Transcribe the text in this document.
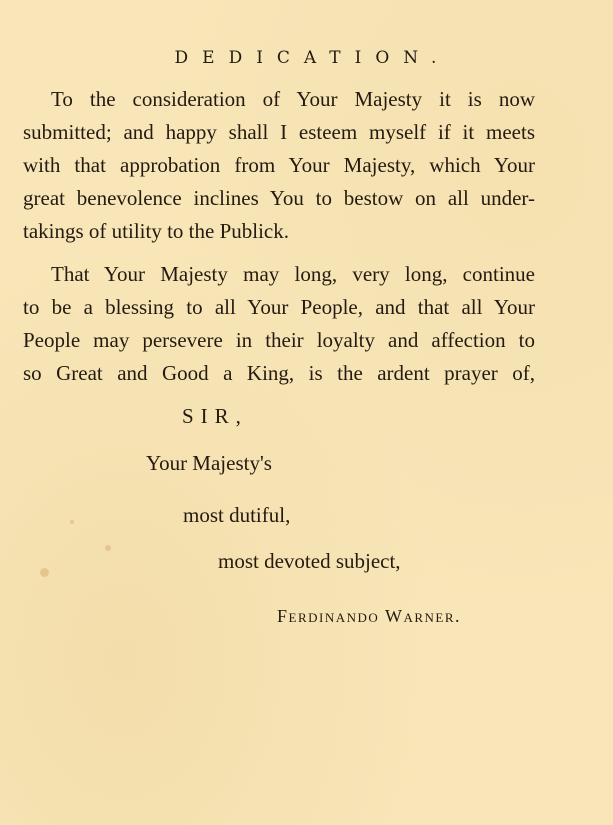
DEDICATION.
To the consideration of Your Majesty it is now
submitted; and happy shall I esteem myself if it meets
with that approbation from Your Majesty, which Your
great benevolence inclines You to bestow on all under-
takings of utility to the Publick.
That Your Majesty may long, very long, continue
to be a blessing to all Your People, and that all Your
People may persevere in their loyalty and affection to
so Great and Good a King, is the ardent prayer of,
SIR,
Your Majesty's
most dutiful,
most devoted subject,
Ferdinando Warner.
